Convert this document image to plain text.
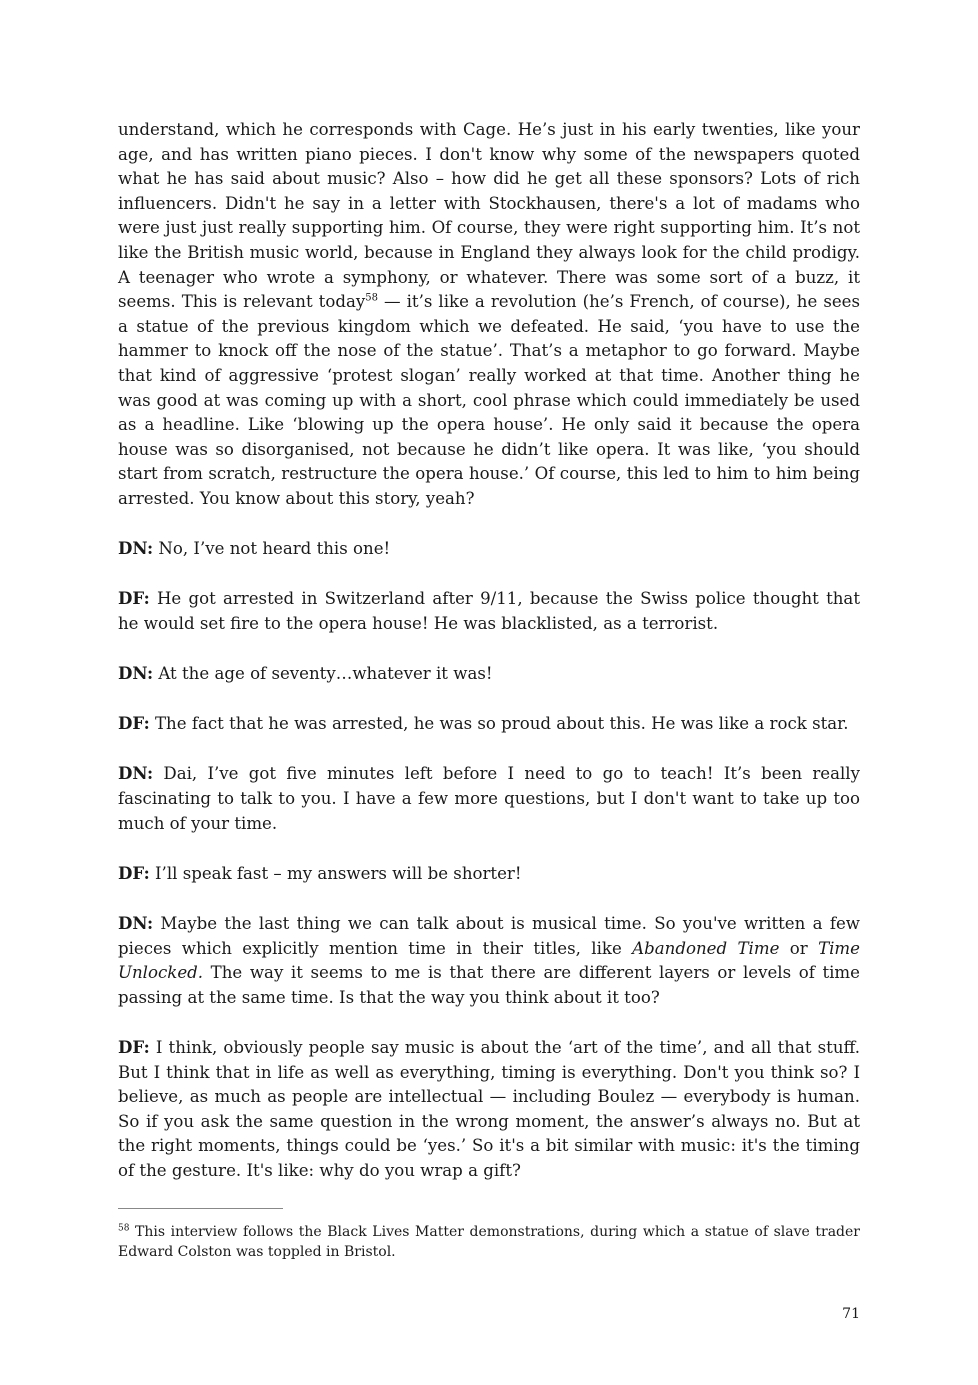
understand, which he corresponds with Cage. He’s just in his early twenties, like your age, and has written piano pieces. I don't know why some of the newspapers quoted what he has said about music? Also – how did he get all these sponsors? Lots of rich influencers. Didn't he say in a letter with Stockhausen, there's a lot of madams who were just just really supporting him. Of course, they were right supporting him. It’s not like the British music world, because in England they always look for the child prodigy. A teenager who wrote a symphony, or whatever. There was some sort of a buzz, it seems. This is relevant today$^{58}$ — it’s like a revolution (he’s French, of course), he sees a statue of the previous kingdom which we defeated. He said, ‘you have to use the hammer to knock off the nose of the statue’. That’s a metaphor to go forward. Maybe that kind of aggressive ‘protest slogan’ really worked at that time. Another thing he was good at was coming up with a short, cool phrase which could immediately be used as a headline. Like ‘blowing up the opera house’. He only said it because the opera house was so disorganised, not because he didn’t like opera. It was like, ‘you should start from scratch, restructure the opera house.’ Of course, this led to him to him being arrested. You know about this story, yeah?

DN: No, I’ve not heard this one!

DF: He got arrested in Switzerland after 9/11, because the Swiss police thought that he would set fire to the opera house! He was blacklisted, as a terrorist.

DN: At the age of seventy…whatever it was!

DF: The fact that he was arrested, he was so proud about this. He was like a rock star.

DN: Dai, I’ve got five minutes left before I need to go to teach! It’s been really fascinating to talk to you. I have a few more questions, but I don't want to take up too much of your time.

DF: I’ll speak fast – my answers will be shorter!

DN: Maybe the last thing we can talk about is musical time. So you've written a few pieces which explicitly mention time in their titles, like Abandoned Time or Time Unlocked. The way it seems to me is that there are different layers or levels of time passing at the same time. Is that the way you think about it too?

DF: I think, obviously people say music is about the ‘art of the time’, and all that stuff. But I think that in life as well as everything, timing is everything. Don't you think so? I believe, as much as people are intellectual — including Boulez — everybody is human. So if you ask the same question in the wrong moment, the answer’s always no. But at the right moments, things could be ‘yes.’ So it's a bit similar with music: it's the timing of the gesture. It's like: why do you wrap a gift?

$^{58}$ This interview follows the Black Lives Matter demonstrations, during which a statue of slave trader Edward Colston was toppled in Bristol.
71
